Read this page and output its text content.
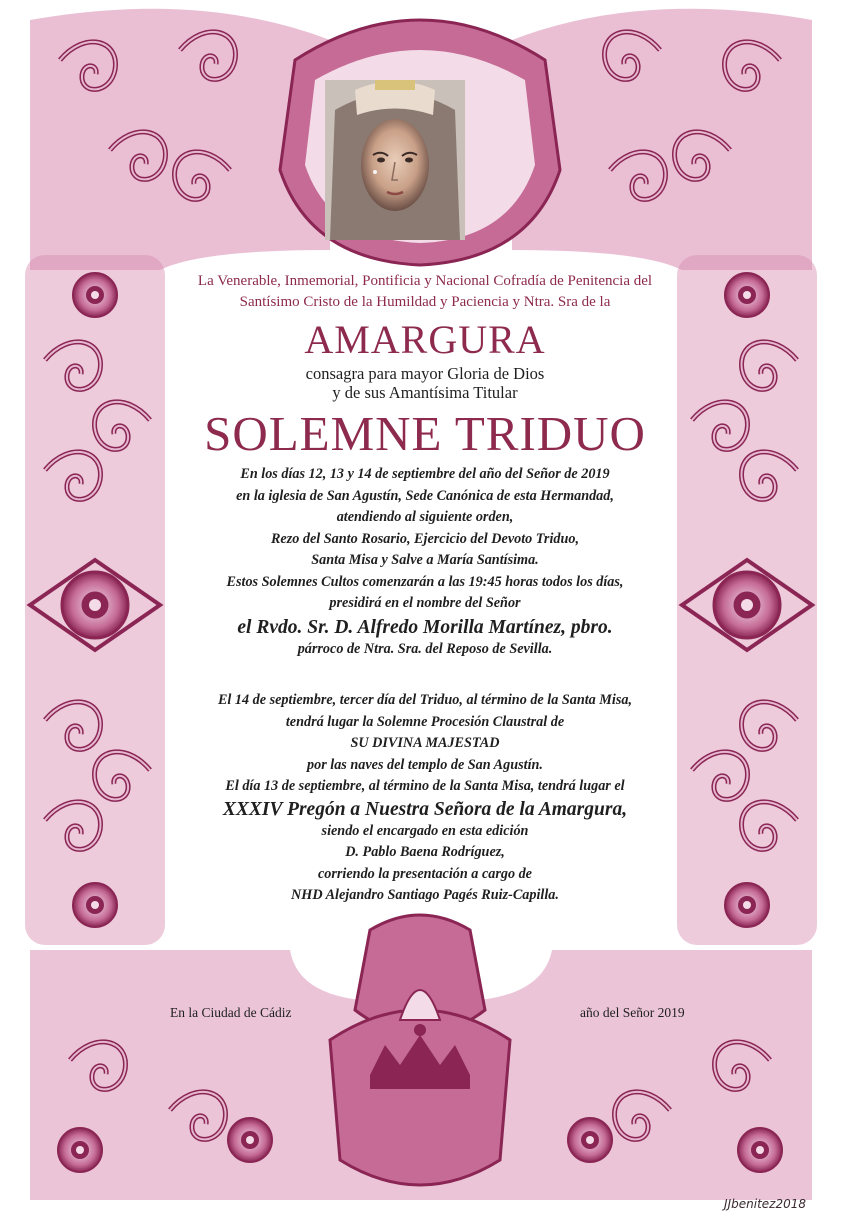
La Venerable, Inmemorial, Pontificia y Nacional Cofradía de Penitencia del
Santísimo Cristo de la Humildad y Paciencia y Ntra. Sra de la
AMARGURA
consagra para mayor Gloria de Dios
y de sus Amantísima Titular
SOLEMNE TRIDUO
En los días 12, 13 y 14 de septiembre del año del Señor de 2019
en la iglesia de San Agustín, Sede Canónica de esta Hermandad,
atendiendo al siguiente orden,
Rezo del Santo Rosario, Ejercicio del Devoto Triduo,
Santa Misa y Salve a María Santísima.
Estos Solemnes Cultos comenzarán a las 19:45 horas todos los días,
presidirá en el nombre del Señor
el Rvdo. Sr. D. Alfredo Morilla Martínez, pbro.
párroco de Ntra. Sra. del Reposo de Sevilla.
El 14 de septiembre, tercer día del Triduo, al término de la Santa Misa,
tendrá lugar la Solemne Procesión Claustral de
SU DIVINA MAJESTAD
por las naves del templo de San Agustín.
El día 13 de septiembre, al término de la Santa Misa, tendrá lugar el
XXXIV Pregón a Nuestra Señora de la Amargura,
siendo el encargado en esta edición
D. Pablo Baena Rodríguez,
corriendo la presentación a cargo de
NHD Alejandro Santiago Pagés Ruiz-Capilla.
En la Ciudad de Cádiz	año del Señor 2019
JJbenitez2018
